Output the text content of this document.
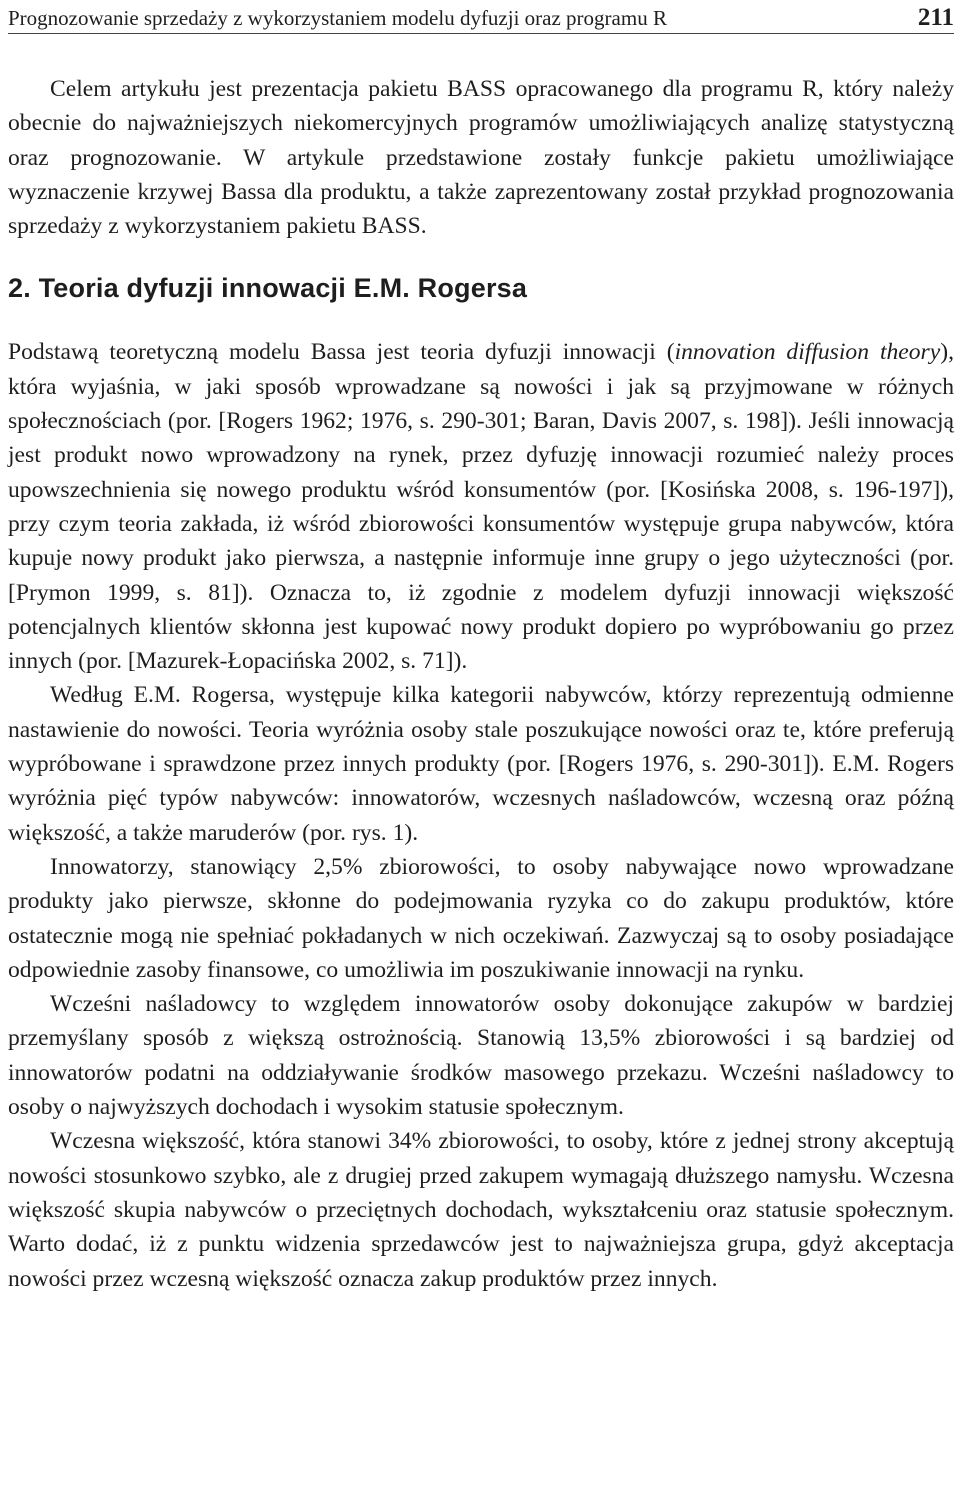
Prognozowanie sprzedaży z wykorzystaniem modelu dyfuzji oraz programu R	211

Celem artykułu jest prezentacja pakietu BASS opracowanego dla programu R, który należy obecnie do najważniejszych niekomercyjnych programów umożliwiających analizę statystyczną oraz prognozowanie. W artykule przedstawione zostały funkcje pakietu umożliwiające wyznaczenie krzywej Bassa dla produktu, a także zaprezentowany został przykład prognozowania sprzedaży z wykorzystaniem pakietu BASS.

2. Teoria dyfuzji innowacji E.M. Rogersa

Podstawą teoretyczną modelu Bassa jest teoria dyfuzji innowacji (innovation diffusion theory), która wyjaśnia, w jaki sposób wprowadzane są nowości i jak są przyjmowane w różnych społecznościach (por. [Rogers 1962; 1976, s. 290-301; Baran, Davis 2007, s. 198]). Jeśli innowacją jest produkt nowo wprowadzony na rynek, przez dyfuzję innowacji rozumieć należy proces upowszechnienia się nowego produktu wśród konsumentów (por. [Kosińska 2008, s. 196-197]), przy czym teoria zakłada, iż wśród zbiorowości konsumentów występuje grupa nabywców, która kupuje nowy produkt jako pierwsza, a następnie informuje inne grupy o jego użyteczności (por. [Prymon 1999, s. 81]). Oznacza to, iż zgodnie z modelem dyfuzji innowacji większość potencjalnych klientów skłonna jest kupować nowy produkt dopiero po wypróbowaniu go przez innych (por. [Mazurek-Łopacińska 2002, s. 71]).

Według E.M. Rogersa, występuje kilka kategorii nabywców, którzy reprezentują odmienne nastawienie do nowości. Teoria wyróżnia osoby stale poszukujące nowości oraz te, które preferują wypróbowane i sprawdzone przez innych produkty (por. [Rogers 1976, s. 290-301]). E.M. Rogers wyróżnia pięć typów nabywców: innowatorów, wczesnych naśladowców, wczesną oraz późną większość, a także maruderów (por. rys. 1).

Innowatorzy, stanowiący 2,5% zbiorowości, to osoby nabywające nowo wprowadzane produkty jako pierwsze, skłonne do podejmowania ryzyka co do zakupu produktów, które ostatecznie mogą nie spełniać pokładanych w nich oczekiwań. Zazwyczaj są to osoby posiadające odpowiednie zasoby finansowe, co umożliwia im poszukiwanie innowacji na rynku.

Wcześni naśladowcy to względem innowatorów osoby dokonujące zakupów w bardziej przemyślany sposób z większą ostrożnością. Stanowią 13,5% zbiorowości i są bardziej od innowatorów podatni na oddziaływanie środków masowego przekazu. Wcześni naśladowcy to osoby o najwyższych dochodach i wysokim statusie społecznym.

Wczesna większość, która stanowi 34% zbiorowości, to osoby, które z jednej strony akceptują nowości stosunkowo szybko, ale z drugiej przed zakupem wymagają dłuższego namysłu. Wczesna większość skupia nabywców o przeciętnych dochodach, wykształceniu oraz statusie społecznym. Warto dodać, iż z punktu widzenia sprzedawców jest to najważniejsza grupa, gdyż akceptacja nowości przez wczesną większość oznacza zakup produktów przez innych.
